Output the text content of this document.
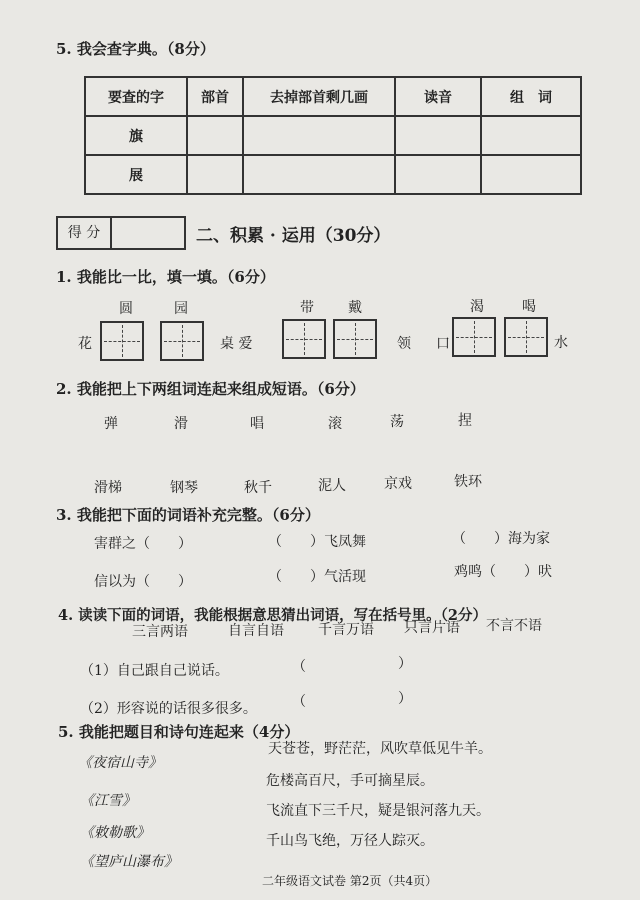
5. 我会查字典。（8分）
要查的字	部首	去掉部首剩几画	读音	组　词
旗				
展				
得 分	二、积累 · 运用（30分）
1. 我能比一比，填一填。（6分）
圆	园	带 戴	渴	喝
花	桌 爱	领 口	水
2. 我能把上下两组词连起来组成短语。（6分）
弹	滑	唱	滚	荡	捏
滑梯	钢琴	秋千	泥人	京戏	铁环
3. 我能把下面的词语补充完整。（6分）
害群之（　　）	（　　）飞凤舞	（　　）海为家
信以为（　　）	（　　）气活现	鸡鸣（　　）吠
4. 读读下面的词语，我能根据意思猜出词语，写在括号里。（2分）
三言两语	自言自语 千言万语 只言片语 不言不语
（1）自己跟自己说话。	（	）
（2）形容说的话很多很多。	（	）
5. 我能把题目和诗句连起来（4分）
《夜宿山寺》
《江雪》
《敕勒歌》
《望庐山瀑布》
天苍苍，野茫茫，风吹草低见牛羊。
危楼高百尺，手可摘星辰。
飞流直下三千尺，疑是银河落九天。
千山鸟飞绝，万径人踪灭。
二年级语文试卷 第2页（共4页）
